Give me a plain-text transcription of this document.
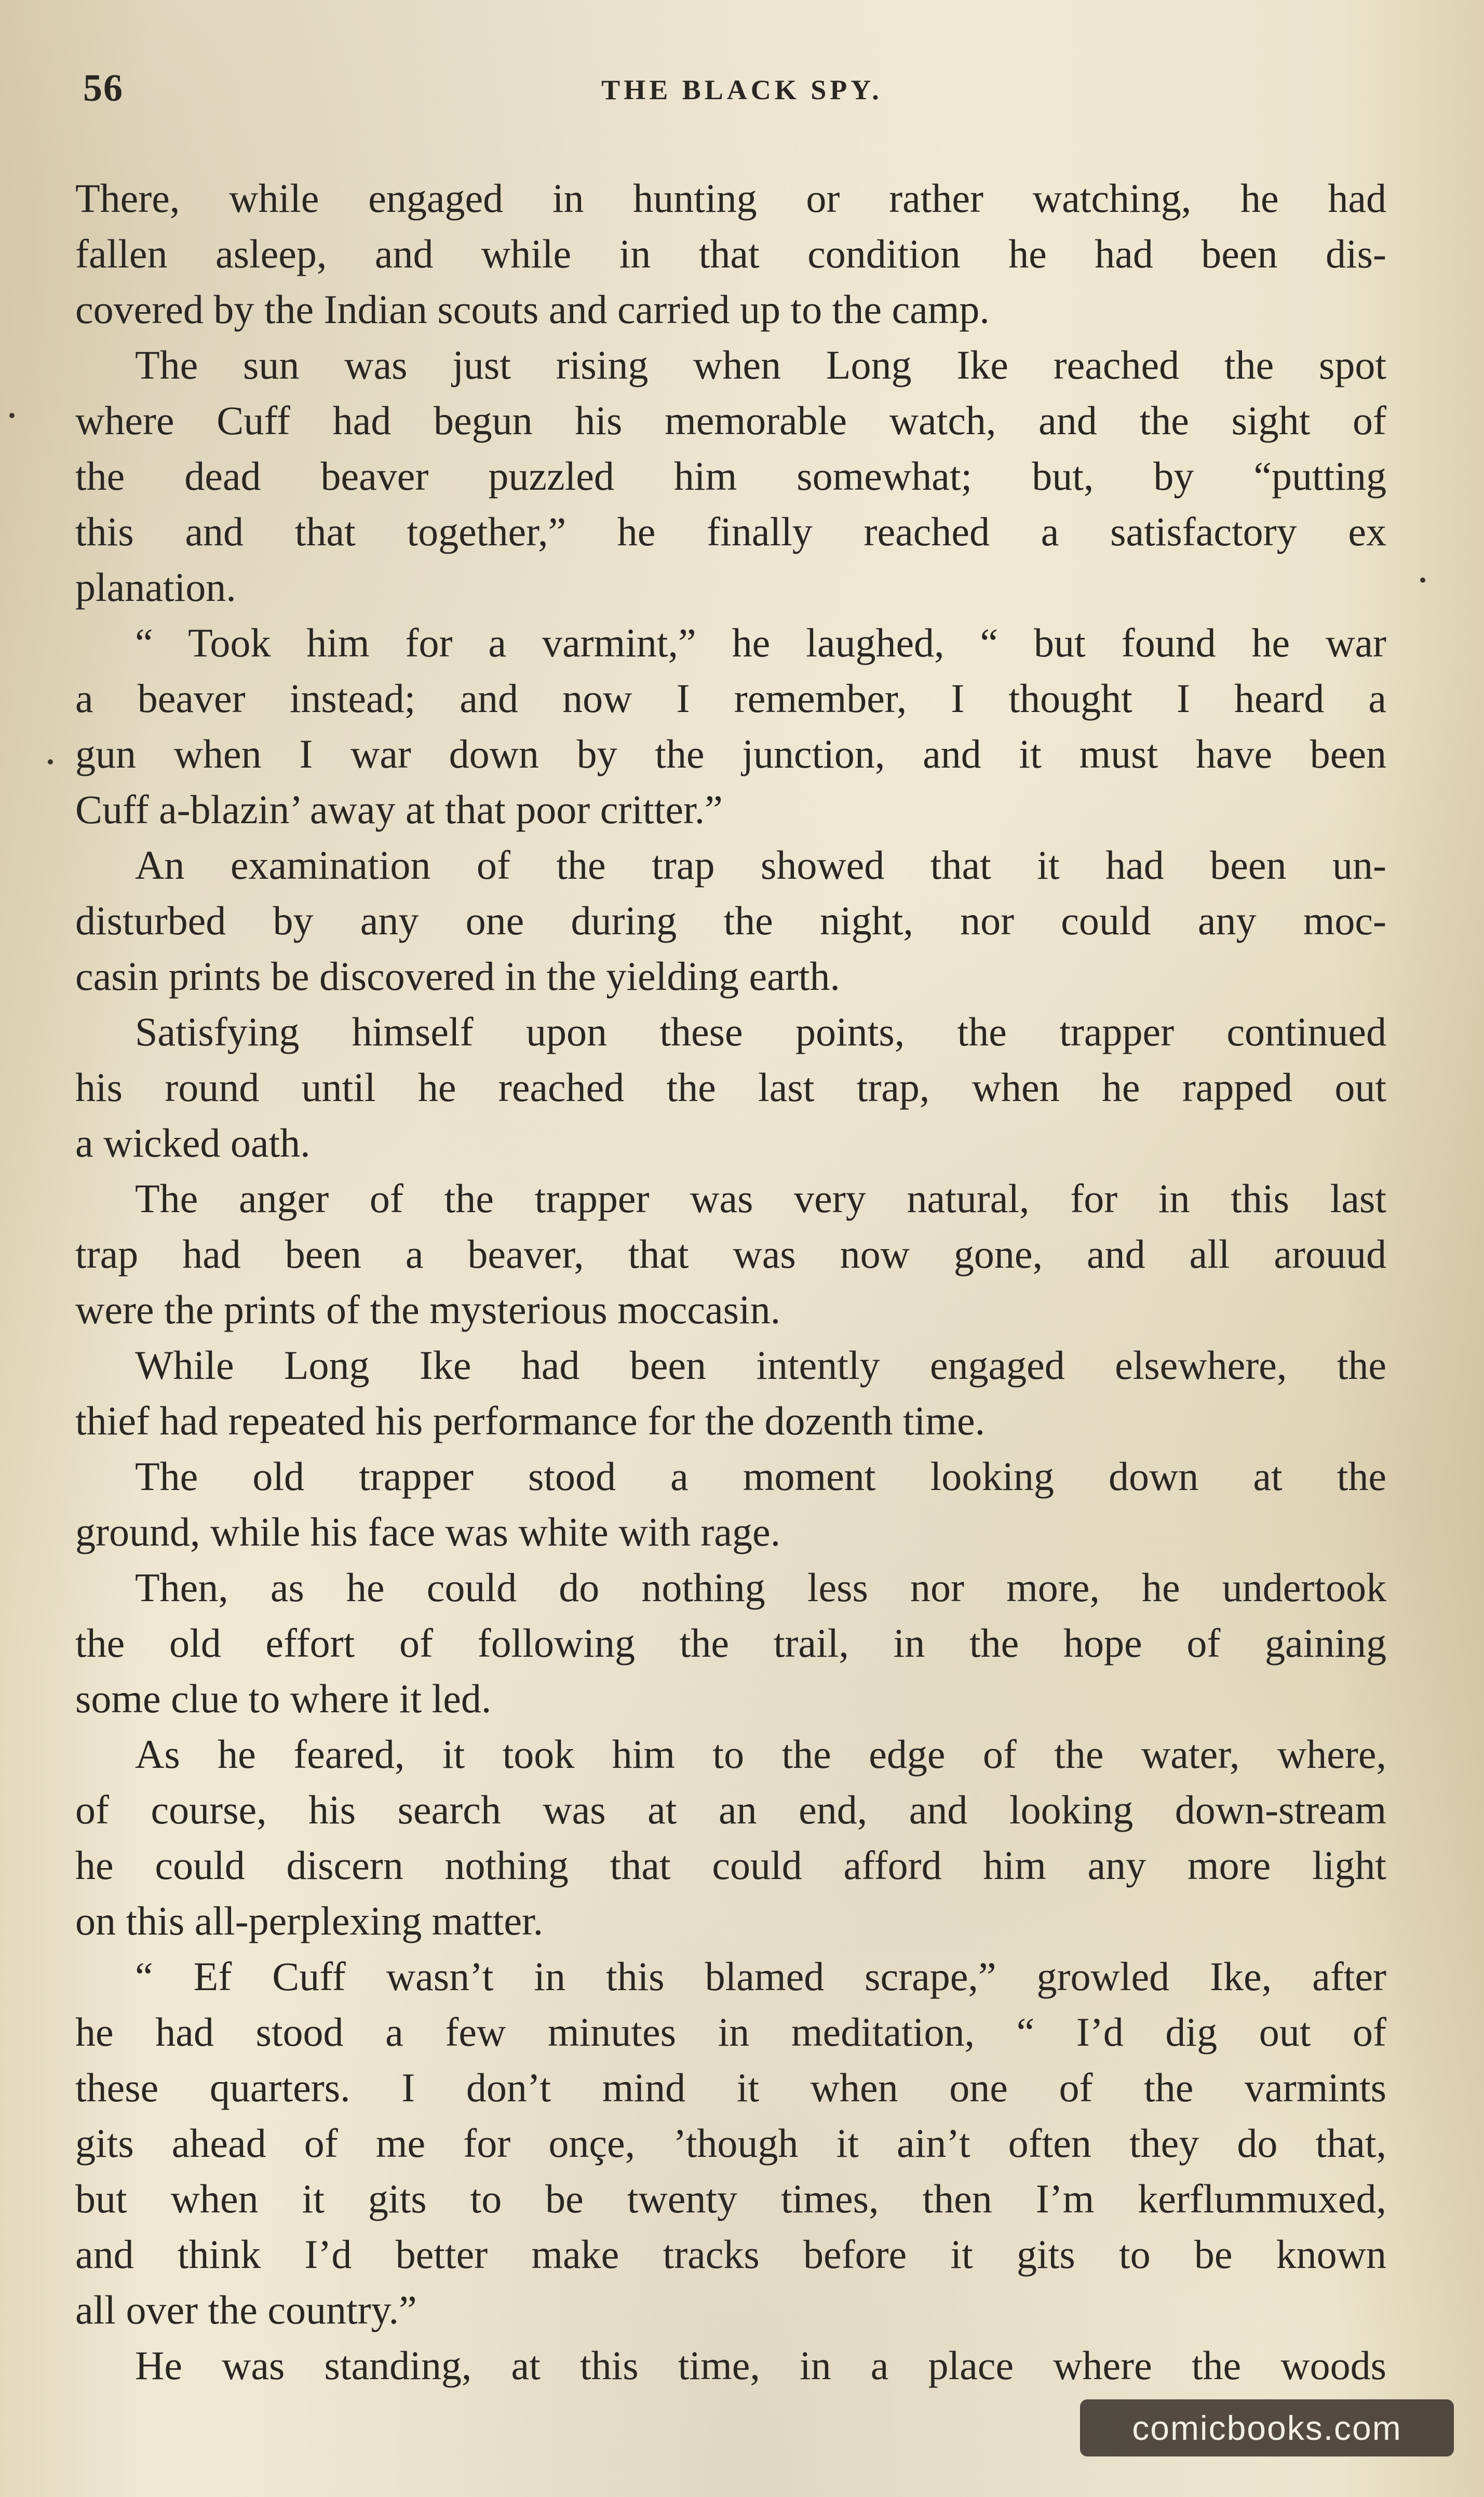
56	THE BLACK SPY.
There, while engaged in hunting or rather watching, he had
fallen asleep, and while in that condition he had been dis-
covered by the Indian scouts and carried up to the camp.
The sun was just rising when Long Ike reached the spot
where Cuff had begun his memorable watch, and the sight of
the dead beaver puzzled him somewhat; but, by “putting
this and that together,” he finally reached a satisfactory ex
planation.
“ Took him for a varmint,” he laughed, “ but found he war
a beaver instead; and now I remember, I thought I heard a
gun when I war down by the junction, and it must have been
Cuff a-blazin’ away at that poor critter.”
An examination of the trap showed that it had been un-
disturbed by any one during the night, nor could any moc-
casin prints be discovered in the yielding earth.
Satisfying himself upon these points, the trapper continued
his round until he reached the last trap, when he rapped out
a wicked oath.
The anger of the trapper was very natural, for in this last
trap had been a beaver, that was now gone, and all arouud
were the prints of the mysterious moccasin.
While Long Ike had been intently engaged elsewhere, the
thief had repeated his performance for the dozenth time.
The old trapper stood a moment looking down at the
ground, while his face was white with rage.
Then, as he could do nothing less nor more, he undertook
the old effort of following the trail, in the hope of gaining
some clue to where it led.
As he feared, it took him to the edge of the water, where,
of course, his search was at an end, and looking down-stream
he could discern nothing that could afford him any more light
on this all-perplexing matter.
“ Ef Cuff wasn’t in this blamed scrape,” growled Ike, after
he had stood a few minutes in meditation, “ I’d dig out of
these quarters. I don’t mind it when one of the varmints
gits ahead of me for onçe, ’though it ain’t often they do that,
but when it gits to be twenty times, then I’m kerflummuxed,
and think I’d better make tracks before it gits to be known
all over the country.”
He was standing, at this time, in a place where the woods
comicbooks.com
